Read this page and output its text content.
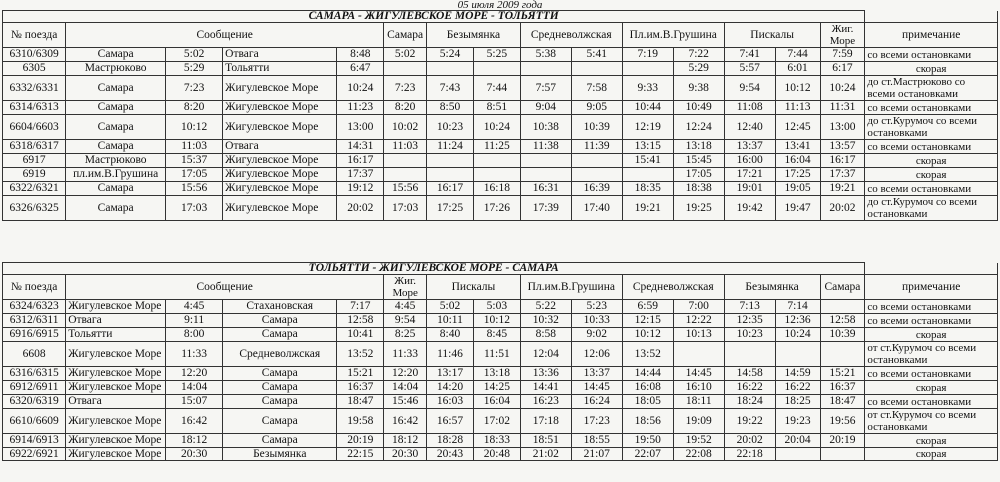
05 июля 2009 года
САМАРА - ЖИГУЛЕВСКОЕ МОРЕ - ТОЛЬЯТТИ															
№ поезда	Сообщение				Самара	Безымянка		Средневолжская		Пл.им.В.Грушина		Пискалы		Жиг. Море	примечание
6310/6309	Самара	5:02	Отвага	8:48	5:02	5:24	5:25	5:38	5:41	7:19	7:22	7:41	7:44	7:59	со всеми остановками
6305	Мастрюково	5:29	Тольятти	6:47							5:29	5:57	6:01	6:17	скорая
6332/6331	Самара	7:23	Жигулевское Море	10:24	7:23	7:43	7:44	7:57	7:58	9:33	9:38	9:54	10:12	10:24	до ст.Мастрюково со всеми остановками
6314/6313	Самара	8:20	Жигулевское Море	11:23	8:20	8:50	8:51	9:04	9:05	10:44	10:49	11:08	11:13	11:31	со всеми остановками
6604/6603	Самара	10:12	Жигулевское Море	13:00	10:02	10:23	10:24	10:38	10:39	12:19	12:24	12:40	12:45	13:00	до ст.Курумоч со всеми остановками
6318/6317	Самара	11:03	Отвага	14:31	11:03	11:24	11:25	11:38	11:39	13:15	13:18	13:37	13:41	13:57	со всеми остановками
6917	Мастрюково	15:37	Жигулевское Море	16:17						15:41	15:45	16:00	16:04	16:17	скорая
6919	пл.им.В.Грушина	17:05	Жигулевское Море	17:37							17:05	17:21	17:25	17:37	скорая
6322/6321	Самара	15:56	Жигулевское Море	19:12	15:56	16:17	16:18	16:31	16:39	18:35	18:38	19:01	19:05	19:21	со всеми остановками
6326/6325	Самара	17:03	Жигулевское Море	20:02	17:03	17:25	17:26	17:39	17:40	19:21	19:25	19:42	19:47	20:02	до ст.Курумоч со всеми остановками
ТОЛЬЯТТИ - ЖИГУЛЕВСКОЕ МОРЕ - САМАРА															
№ поезда	Сообщение				Жиг. Море	Пискалы		Пл.им.В.Грушина		Средневолжская		Безымянка		Самара	примечание
6324/6323	Жигулевское Море	4:45	Стахановская	7:17	4:45	5:02	5:03	5:22	5:23	6:59	7:00	7:13	7:14		со всеми остановками
6312/6311	Отвага	9:11	Самара	12:58	9:54	10:11	10:12	10:32	10:33	12:15	12:22	12:35	12:36	12:58	со всеми остановками
6916/6915	Тольятти	8:00	Самара	10:41	8:25	8:40	8:45	8:58	9:02	10:12	10:13	10:23	10:24	10:39	скорая
6608	Жигулевское Море	11:33	Средневолжская	13:52	11:33	11:46	11:51	12:04	12:06	13:52					от ст.Курумоч со всеми остановками
6316/6315	Жигулевское Море	12:20	Самара	15:21	12:20	13:17	13:18	13:36	13:37	14:44	14:45	14:58	14:59	15:21	со всеми остановками
6912/6911	Жигулевское Море	14:04	Самара	16:37	14:04	14:20	14:25	14:41	14:45	16:08	16:10	16:22	16:22	16:37	скорая
6320/6319	Отвага	15:07	Самара	18:47	15:46	16:03	16:04	16:23	16:24	18:05	18:11	18:24	18:25	18:47	со всеми остановками
6610/6609	Жигулевское Море	16:42	Самара	19:58	16:42	16:57	17:02	17:18	17:23	18:56	19:09	19:22	19:23	19:56	от ст.Курумоч со всеми остановками
6914/6913	Жигулевское Море	18:12	Самара	20:19	18:12	18:28	18:33	18:51	18:55	19:50	19:52	20:02	20:04	20:19	скорая
6922/6921	Жигулевское Море	20:30	Безымянка	22:15	20:30	20:43	20:48	21:02	21:07	22:07	22:08	22:18			скорая
